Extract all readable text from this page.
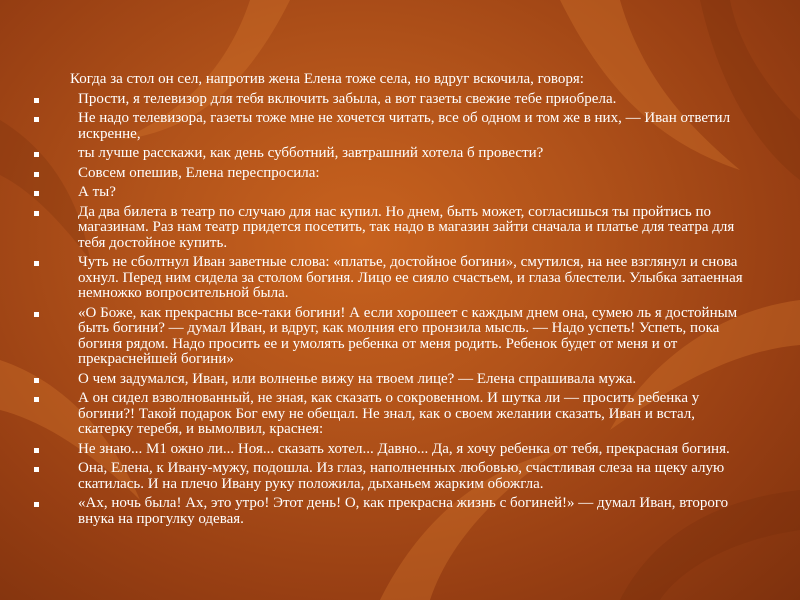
Когда за стол он сел, напротив жена Елена тоже села, но вдруг вскочила, говоря:

Прости, я телевизор для тебя включить забыла, а вот газеты свежие тебе приобрела.
Не надо телевизора, газеты тоже мне не хочется читать, все об одном и том же в них, — Иван ответил искренне,
ты лучше расскажи, как день субботний, завтрашний хотела б провести?
Совсем опешив, Елена переспросила:
А ты?
Да два билета в театр по случаю для нас купил. Но днем, быть может, согласишься ты пройтись по магазинам. Раз нам театр придется посетить, так надо в магазин зайти сначала и платье для театра для тебя достойное купить.
Чуть не сболтнул Иван заветные слова: «платье, достойное богини», смутился, на нее взглянул и снова охнул. Перед ним сидела за столом богиня. Лицо ее сияло счастьем, и глаза блестели. Улыбка затаенная немножко вопросительной была.
«О Боже, как прекрасны все-таки богини! А если хорошеет с каждым днем она, сумею ль я достойным быть богини? — думал Иван, и вдруг, как молния его пронзила мысль. — Надо успеть! Успеть, пока богиня рядом. Надо просить ее и умолять ребенка от меня родить. Ребенок будет от меня и от прекраснейшей богини»
О чем задумался, Иван, или волненье вижу на твоем лице? — Елена спрашивала мужа.
А он сидел взволнованный, не зная, как сказать о сокровенном. И шутка ли — просить ребенка у богини?! Такой подарок Бог ему не обещал. Не знал, как о своем желании сказать, Иван и встал, скатерку теребя, и вымолвил, краснея:
Не знаю... М1 ожно ли... Ноя... сказать хотел... Давно... Да, я хочу ребенка от тебя, прекрасная богиня.
Она, Елена, к Ивану-мужу, подошла. Из глаз, наполненных любовью, счастливая слеза на щеку алую скатилась. И на плечо Ивану руку положила, дыханьем жарким обожгла.
«Ах, ночь была! Ах, это утро! Этот день! О, как прекрасна жизнь с богиней!» — думал Иван, второго внука на прогулку одевая.
